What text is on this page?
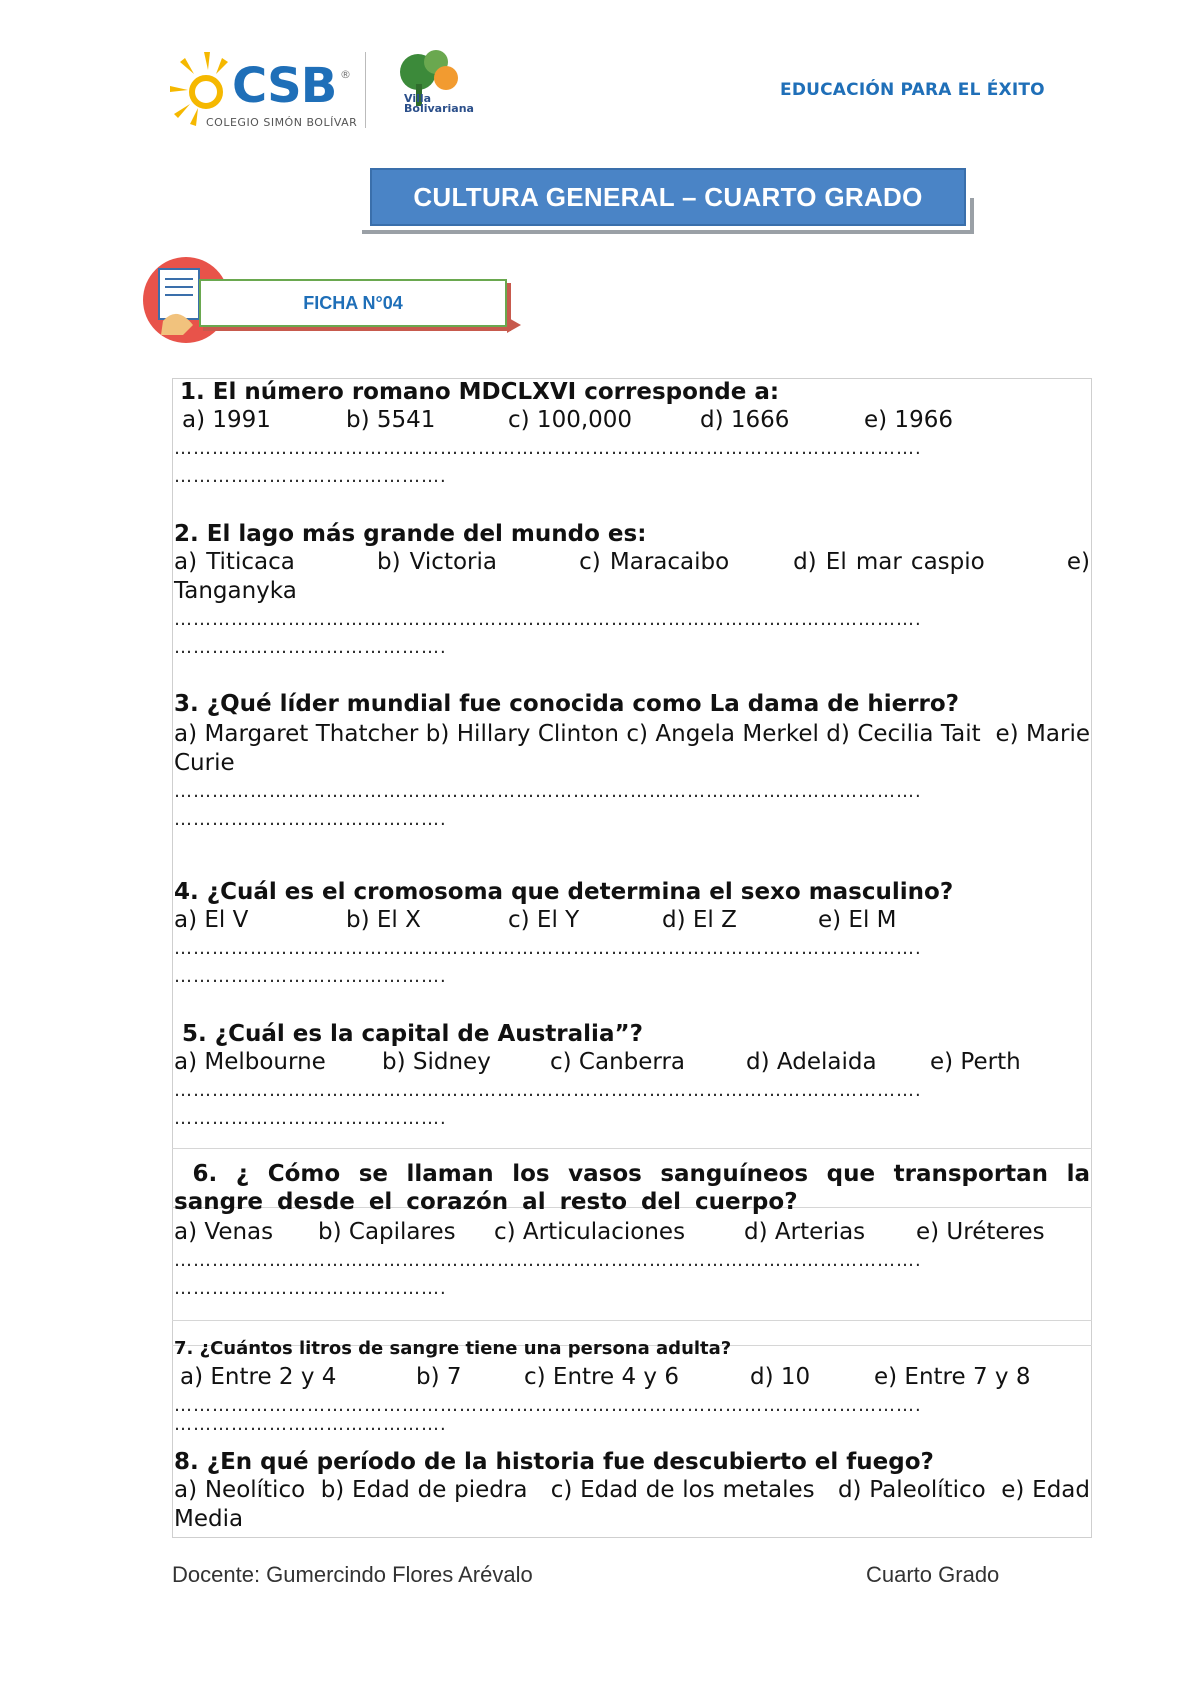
CSB ®
COLEGIO SIMÓN BOLÍVAR
Villa
Bolivariana
EDUCACIÓN PARA EL ÉXITO
CULTURA GENERAL – CUARTO GRADO
FICHA N°04
1. El número romano MDCLXVI corresponde a:
a) 1991	b) 5541	c) 100,000	d) 1666	e) 1966
……………………………………………………………………………………………………….
…………………………………….
2. El lago más grande del mundo es:
a) Titicaca         b) Victoria         c) Maracaibo       d) El mar caspio         e) Tanganyka
……………………………………………………………………………………………………….
…………………………………….
3. ¿Qué líder mundial fue conocida como La dama de hierro?
a) Margaret Thatcher b) Hillary Clinton c) Angela Merkel d) Cecilia Tait  e) Marie Curie
……………………………………………………………………………………………………….
…………………………………….
4. ¿Cuál es el cromosoma que determina el sexo masculino?
a) El V	b) El X	c) El Y	d) El Z	e) El M
……………………………………………………………………………………………………….
…………………………………….
5. ¿Cuál es la capital de Australia”?
a) Melbourne b) Sidney	c) Canberra	d) Adelaida e) Perth
……………………………………………………………………………………………………….
…………………………………….
6. ¿ Cómo se llaman los vasos sanguíneos que transportan la sangre desde el corazón al resto del cuerpo?
a) Venas b) Capilares c) Articulaciones	d) Arterias e) Uréteres
……………………………………………………………………………………………………….
…………………………………….
7. ¿Cuántos litros de sangre tiene una persona adulta?
a) Entre 2 y 4	b) 7	c) Entre 4 y 6	d) 10	e) Entre 7 y 8
……………………………………………………………………………………………………….
…………………………………….
8. ¿En qué período de la historia fue descubierto el fuego?
a) Neolítico  b) Edad de piedra   c) Edad de los metales   d) Paleolítico  e) Edad Media
Docente: Gumercindo Flores Arévalo	Cuarto Grado
